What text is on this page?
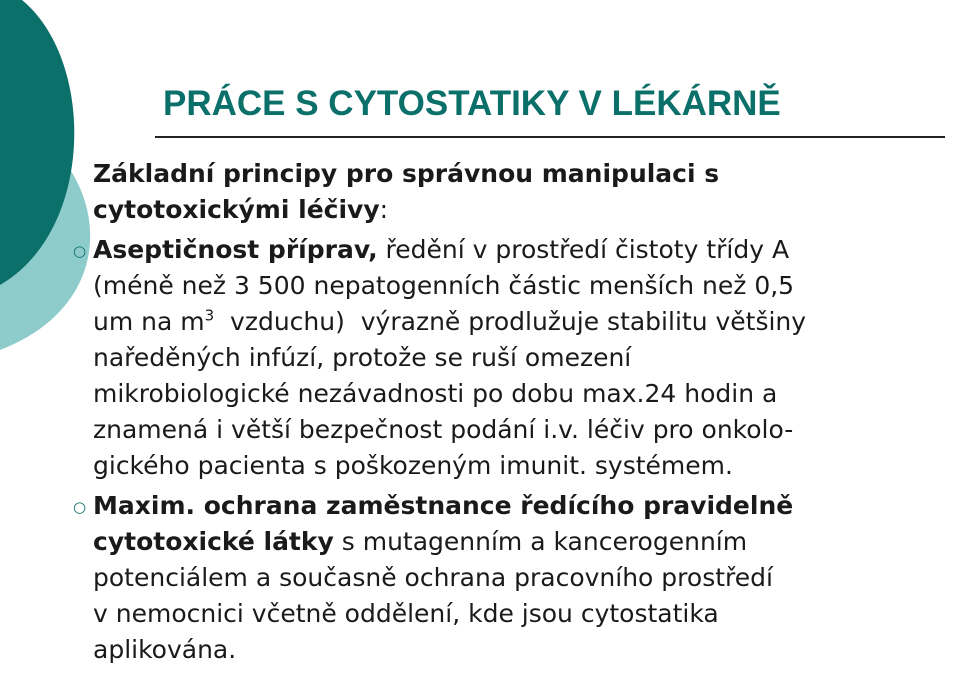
PRÁCE S CYTOSTATIKY V LÉKÁRNĚ

Základní principy pro správnou manipulaci s
cytotoxickými léčivy:

○ Aseptičnost příprav, ředění v prostředí čistoty třídy A
(méně než 3 500 nepatogenních částic menších než 0,5
um na $m^3$  vzduchu)  výrazně prodlužuje stabilitu většiny
naředěných infúzí, protože se ruší omezení
mikrobiologické nezávadnosti po dobu max.24 hodin a
znamená i větší bezpečnost podání i.v. léčiv pro onkolo-
gického pacienta s poškozeným imunit. systémem.
○ Maxim. ochrana zaměstnance ředícího pravidelně
cytotoxické látky s mutagenním a kancerogenním
potenciálem a současně ochrana pracovního prostředí
v nemocnici včetně oddělení, kde jsou cytostatika
aplikována.
